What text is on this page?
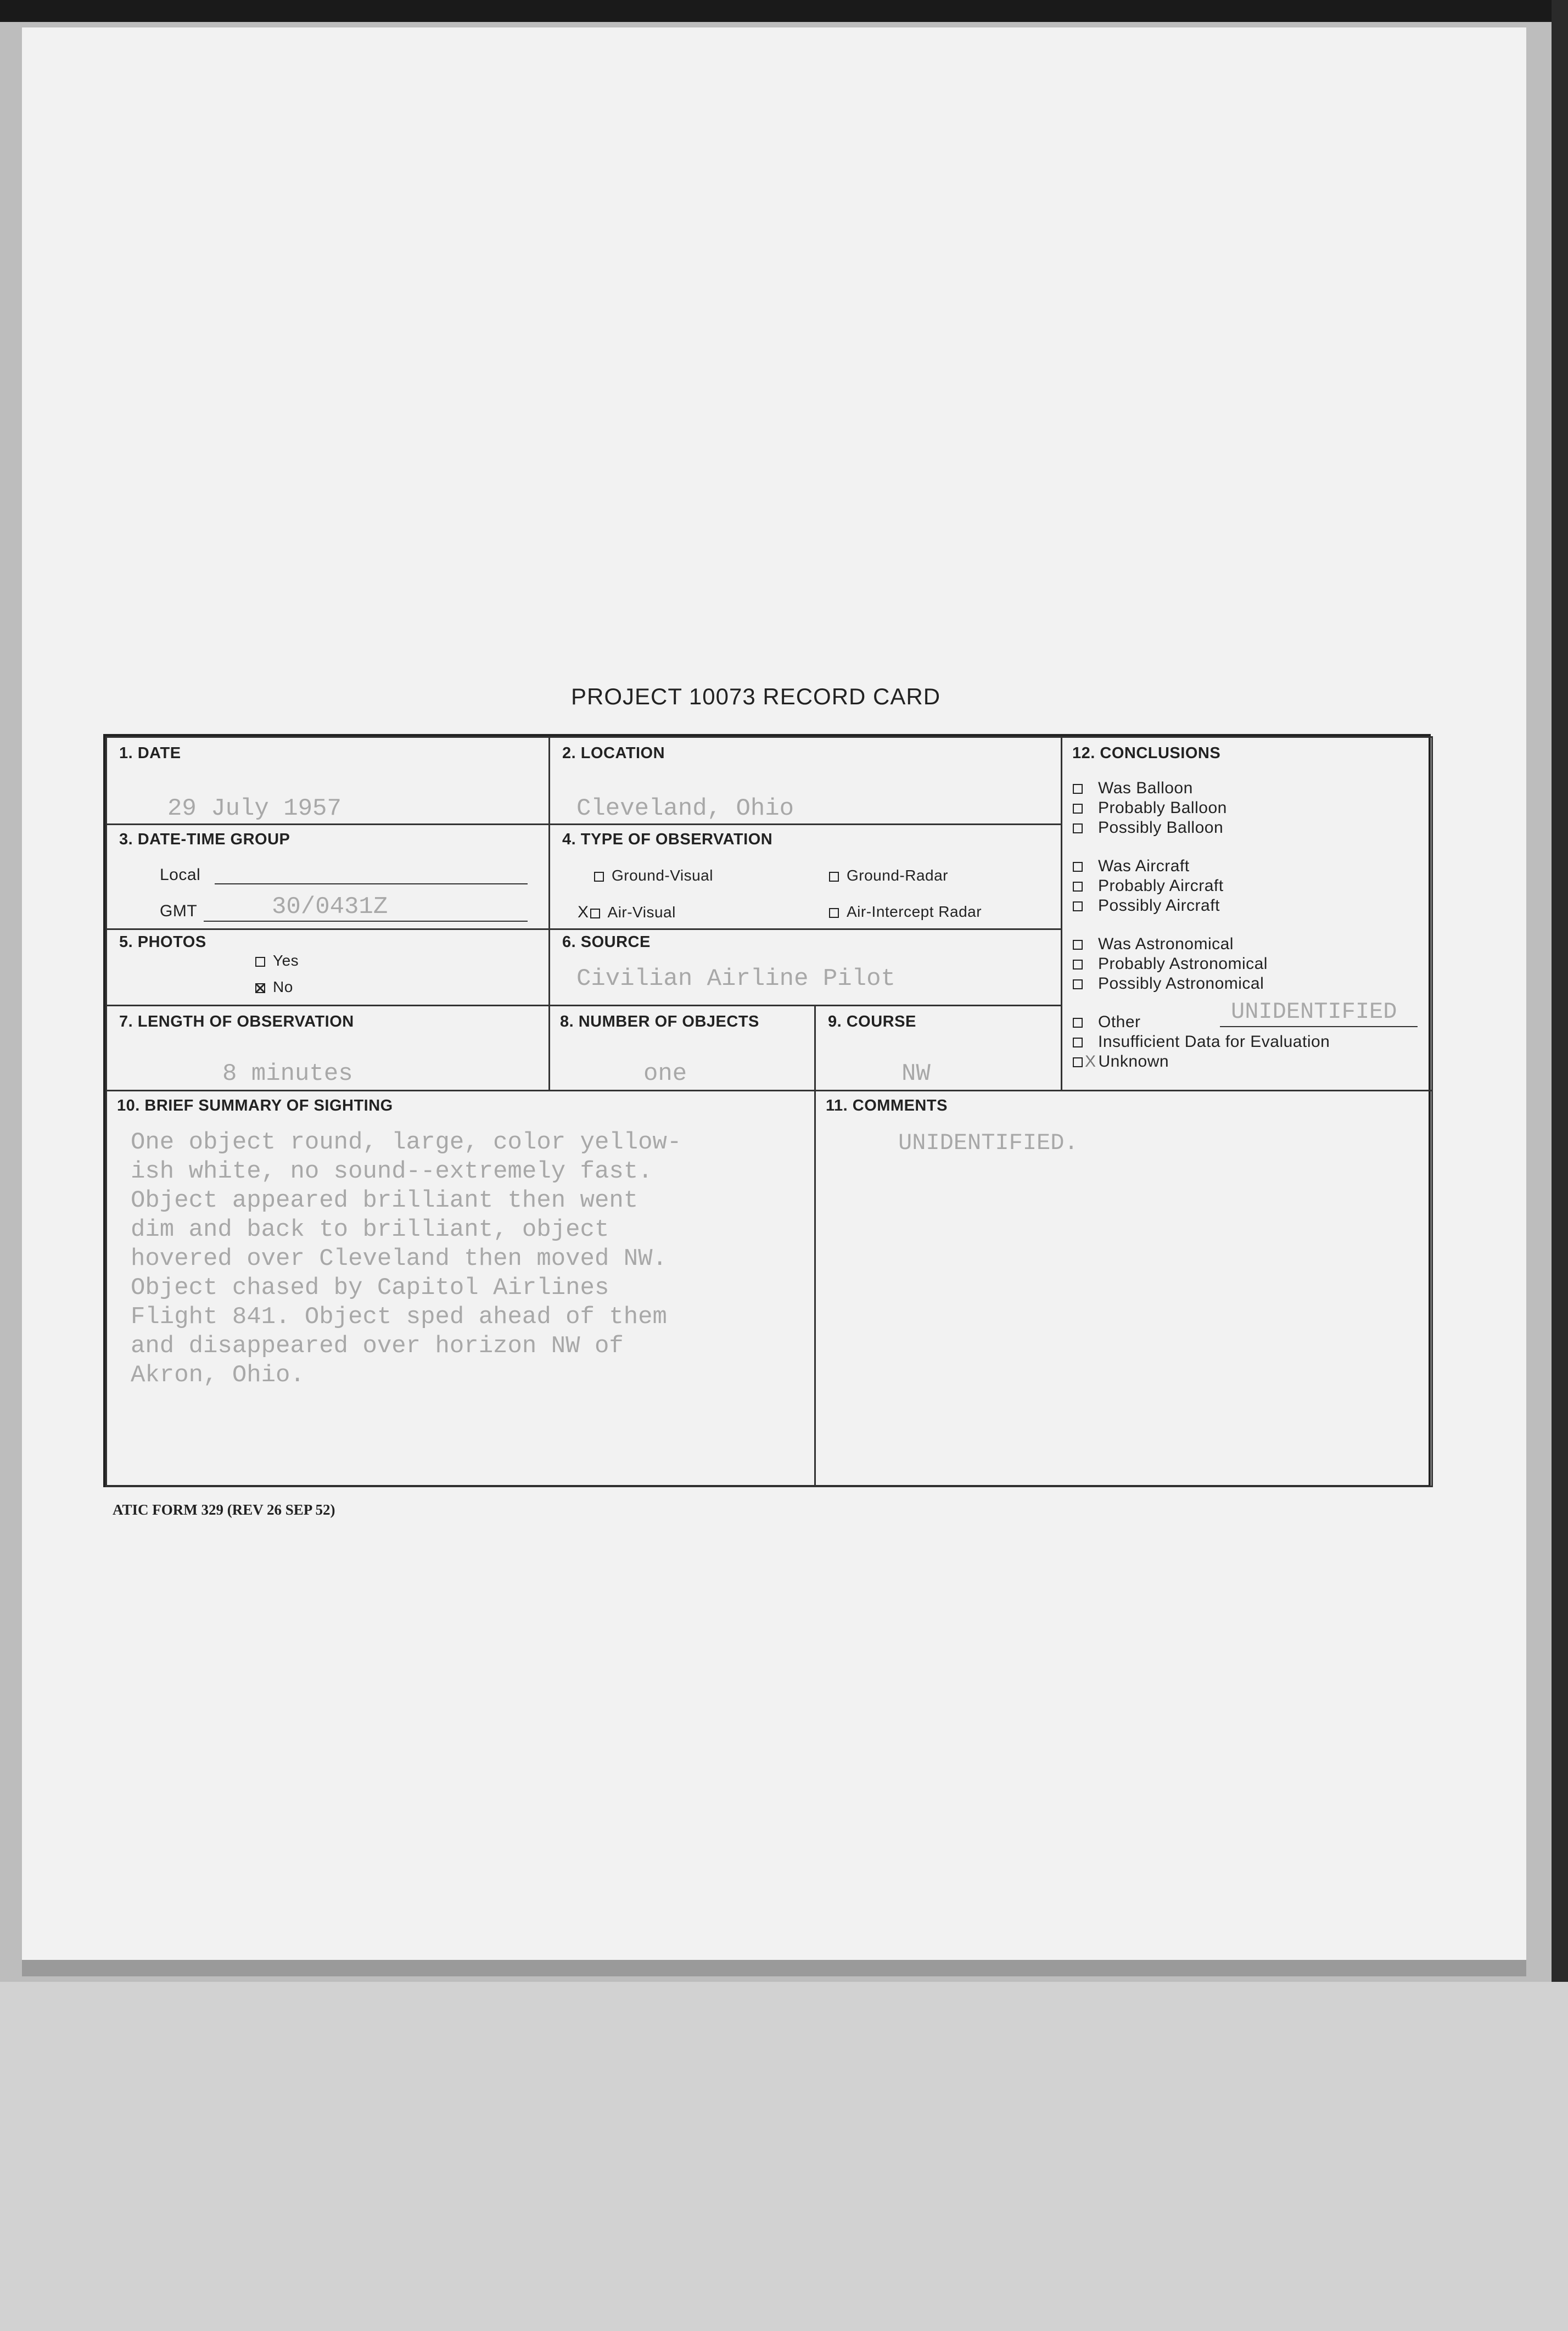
PROJECT 10073 RECORD CARD
1. DATE
29 July 1957
2. LOCATION
Cleveland, Ohio
3. DATE-TIME GROUP
Local
GMT	30/0431Z
4. TYPE OF OBSERVATION
Ground-Visual	Ground-Radar
X Air-Visual	Air-Intercept Radar
5. PHOTOS
Yes
No
6. SOURCE
Civilian Airline Pilot
7. LENGTH OF OBSERVATION
8 minutes
8. NUMBER OF OBJECTS
one
9. COURSE
NW
12. CONCLUSIONS
Was Balloon
Probably Balloon
Possibly Balloon
Was Aircraft
Probably Aircraft
Possibly Aircraft
Was Astronomical
Probably Astronomical
Possibly Astronomical
Other	UNIDENTIFIED
Insufficient Data for Evaluation
X Unknown
10. BRIEF SUMMARY OF SIGHTING
One object round, large, color yellow-
ish white, no sound--extremely fast.
Object appeared brilliant then went
dim and back to brilliant, object
hovered over Cleveland then moved NW.
Object chased by Capitol Airlines
Flight 841. Object sped ahead of them
and disappeared over horizon NW of
Akron, Ohio.
11. COMMENTS
UNIDENTIFIED.
ATIC FORM 329 (REV 26 SEP 52)
